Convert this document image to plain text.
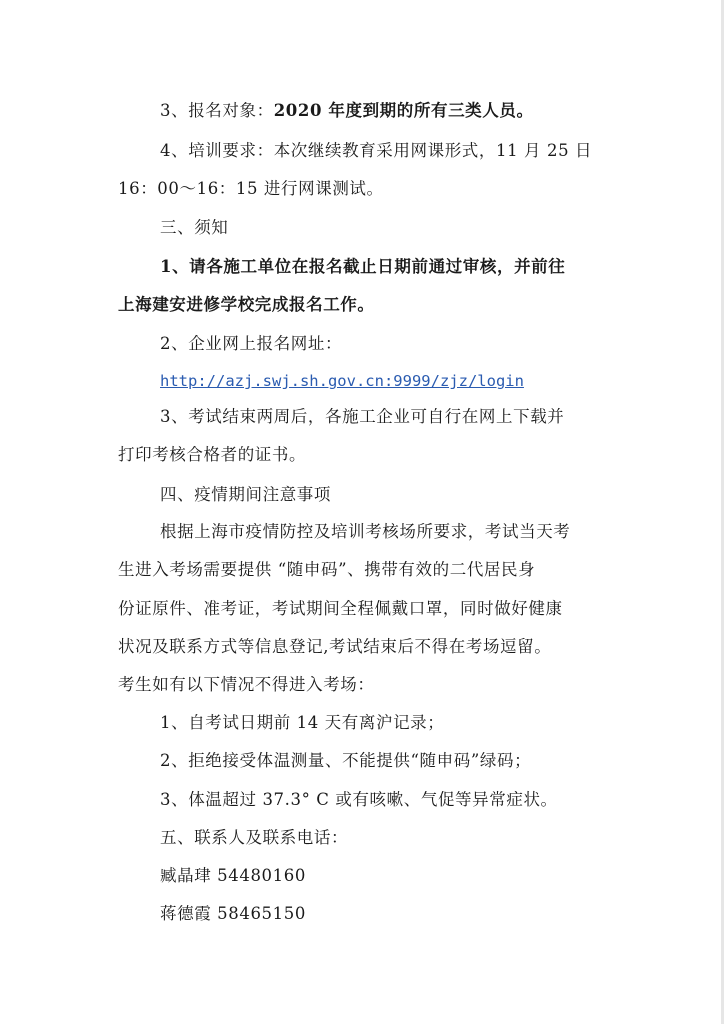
3、报名对象：2020 年度到期的所有三类人员。
4、培训要求：本次继续教育采用网课形式，11 月 25 日
16：00～16：15 进行网课测试。
三、须知
1、请各施工单位在报名截止日期前通过审核，并前往
上海建安进修学校完成报名工作。
2、企业网上报名网址：
http://azj.swj.sh.gov.cn:9999/zjz/login
3、考试结束两周后，各施工企业可自行在网上下载并
打印考核合格者的证书。
四、疫情期间注意事项
根据上海市疫情防控及培训考核场所要求，考试当天考
生进入考场需要提供 “随申码”、携带有效的二代居民身
份证原件、准考证，考试期间全程佩戴口罩，同时做好健康
状况及联系方式等信息登记,考试结束后不得在考场逗留。
考生如有以下情况不得进入考场：
1、自考试日期前 14 天有离沪记录；
2、拒绝接受体温测量、不能提供“随申码”绿码；
3、体温超过 37.3° C 或有咳嗽、气促等异常症状。
五、联系人及联系电话：
臧晶珒 54480160
蒋德霞 58465150
